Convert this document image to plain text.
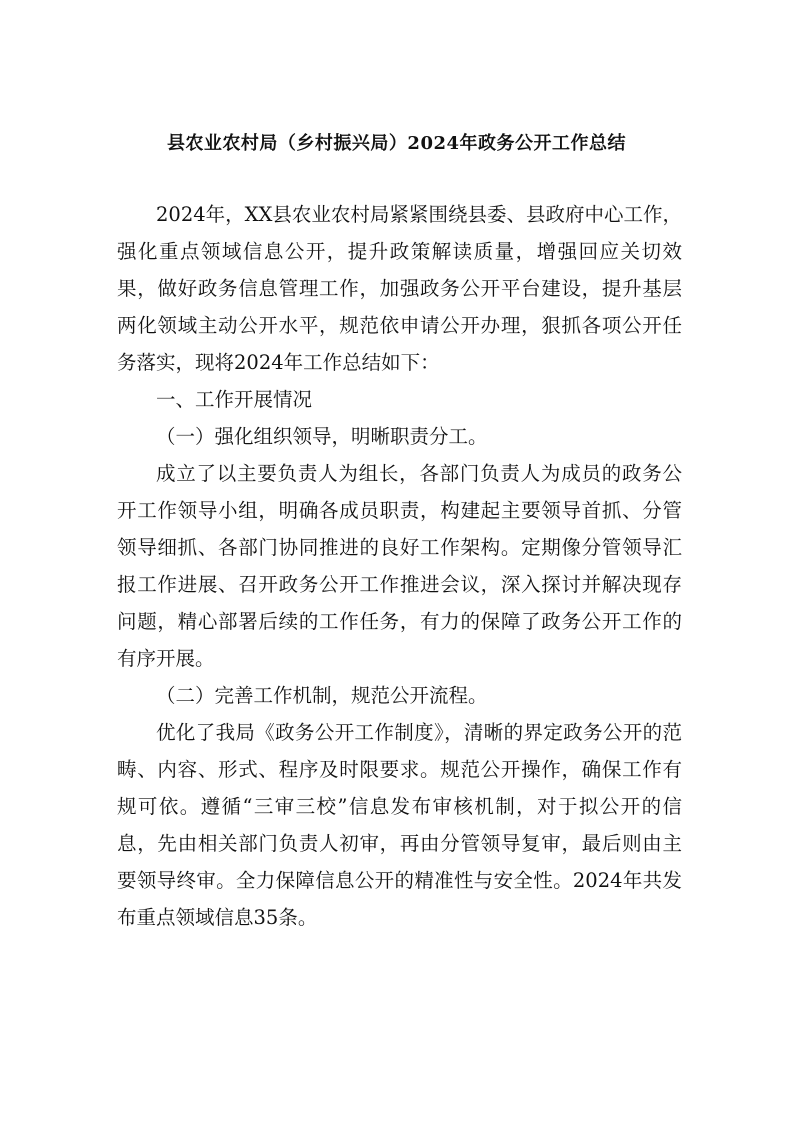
县农业农村局（乡村振兴局）2024年政务公开工作总结

2024年，XX县农业农村局紧紧围绕县委、县政府中心工作，强化重点领域信息公开，提升政策解读质量，增强回应关切效果，做好政务信息管理工作，加强政务公开平台建设，提升基层两化领域主动公开水平，规范依申请公开办理，狠抓各项公开任务落实，现将2024年工作总结如下：

一、工作开展情况

（一）强化组织领导，明晰职责分工。

成立了以主要负责人为组长，各部门负责人为成员的政务公开工作领导小组，明确各成员职责，构建起主要领导首抓、分管领导细抓、各部门协同推进的良好工作架构。定期像分管领导汇报工作进展、召开政务公开工作推进会议，深入探讨并解决现存问题，精心部署后续的工作任务，有力的保障了政务公开工作的有序开展。

（二）完善工作机制，规范公开流程。

优化了我局《政务公开工作制度》，清晰的界定政务公开的范畴、内容、形式、程序及时限要求。规范公开操作，确保工作有规可依。遵循“三审三校”信息发布审核机制，对于拟公开的信息，先由相关部门负责人初审，再由分管领导复审，最后则由主要领导终审。全力保障信息公开的精准性与安全性。2024年共发布重点领域信息35条。
